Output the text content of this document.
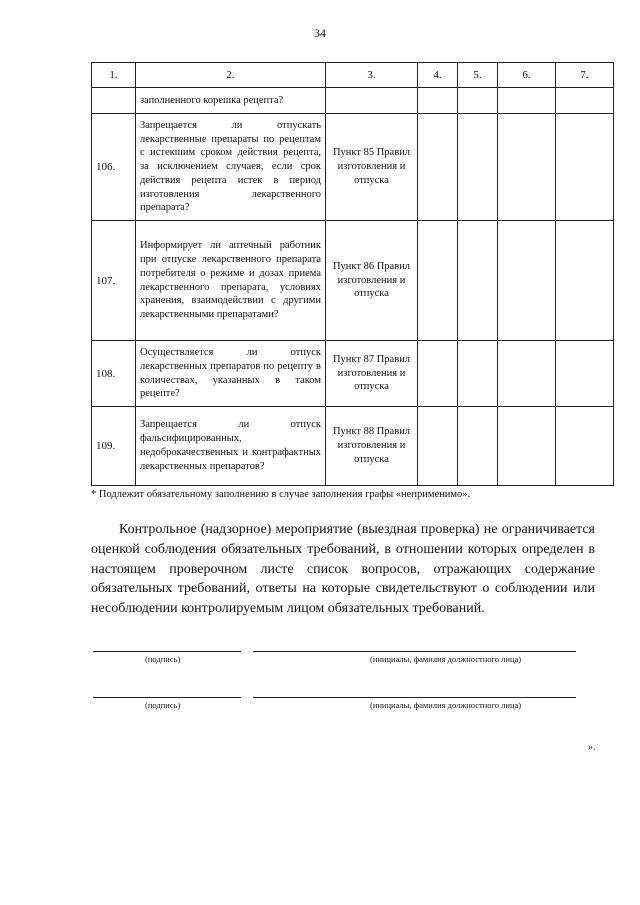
34
1.	2.	3.	4.	5.	6.	7.
	заполненного корешка рецепта?					
106.	Запрещается ли отпускать лекарственные препараты по рецептам с истекшим сроком действия рецепта, за исключением случаев, если срок действия рецепта истек в период изготовления лекарственного препарата?	Пункт 85 Правил изготовления и отпуска				
107.	Информирует ли аптечный работник при отпуске лекарственного препарата потребителя о режиме и дозах приема лекарственного препарата, условиях хранения, взаимодействии с другими лекарственными препаратами?	Пункт 86 Правил изготовления и отпуска				
108.	Осуществляется ли отпуск лекарственных препаратов по рецепту в количествах, указанных в таком рецепте?	Пункт 87 Правил изготовления и отпуска				
109.	Запрещается ли отпуск фальсифицированных, недоброкачественных и контрафактных лекарственных препаратов?	Пункт 88 Правил изготовления и отпуска				
* Подлежит обязательному заполнению в случае заполнения графы «неприменимо».
Контрольное (надзорное) мероприятие (выездная проверка) не ограничивается оценкой соблюдения обязательных требований, в отношении которых определен в настоящем проверочном листе список вопросов, отражающих содержание обязательных требований, ответы на которые свидетельствуют о соблюдении или несоблюдении контролируемым лицом обязательных требований.
(подпись)	(инициалы, фамилия должностного лица)
(подпись)	(инициалы, фамилия должностного лица)
».
